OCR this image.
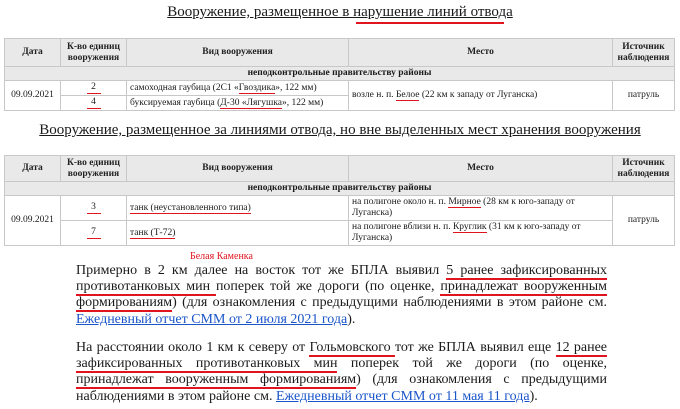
Вооружение, размещенное в нарушение линий отвода
Дата	К-во единиц вооружения	Вид вооружения	Место	Источник наблюдения
неподконтрольные правительству районы				
09.09.2021	2	самоходная гаубица (2С1 «Гвоздика», 122 мм)	возле н. п. Белое (22 км к западу от Луганска)	патруль
	4	буксируемая гаубица (Д-30 «Лягушка», 122 мм)		
Вооружение, размещенное за линиями отвода, но вне выделенных мест хранения вооружения
Дата	К-во единиц вооружения	Вид вооружения	Место	Источник наблюдения
неподконтрольные правительству районы				
09.09.2021	3	танк (неустановленного типа)	на полигоне около н. п. Мирное (28 км к юго-западу от Луганска)	патруль
	7	танк (Т-72)	на полигоне вблизи н. п. Круглик (31 км к юго-западу от Луганска)	
Белая Каменка
Примерно в 2 км далее на восток тот же БПЛА выявил 5 ранее зафиксированных противотанковых мин поперек той же дороги (по оценке, принадлежат вооруженным формированиям) (для ознакомления с предыдущими наблюдениями в этом районе см. Ежедневный отчет СММ от 2 июля 2021 года).
На расстоянии около 1 км к северу от Гольмовского тот же БПЛА выявил еще 12 ранее зафиксированных противотанковых мин поперек той же дороги (по оценке, принадлежат вооруженным формированиям) (для ознакомления с предыдущими наблюдениями в этом районе см. Ежедневный отчет СММ от 11 мая 11 года).
